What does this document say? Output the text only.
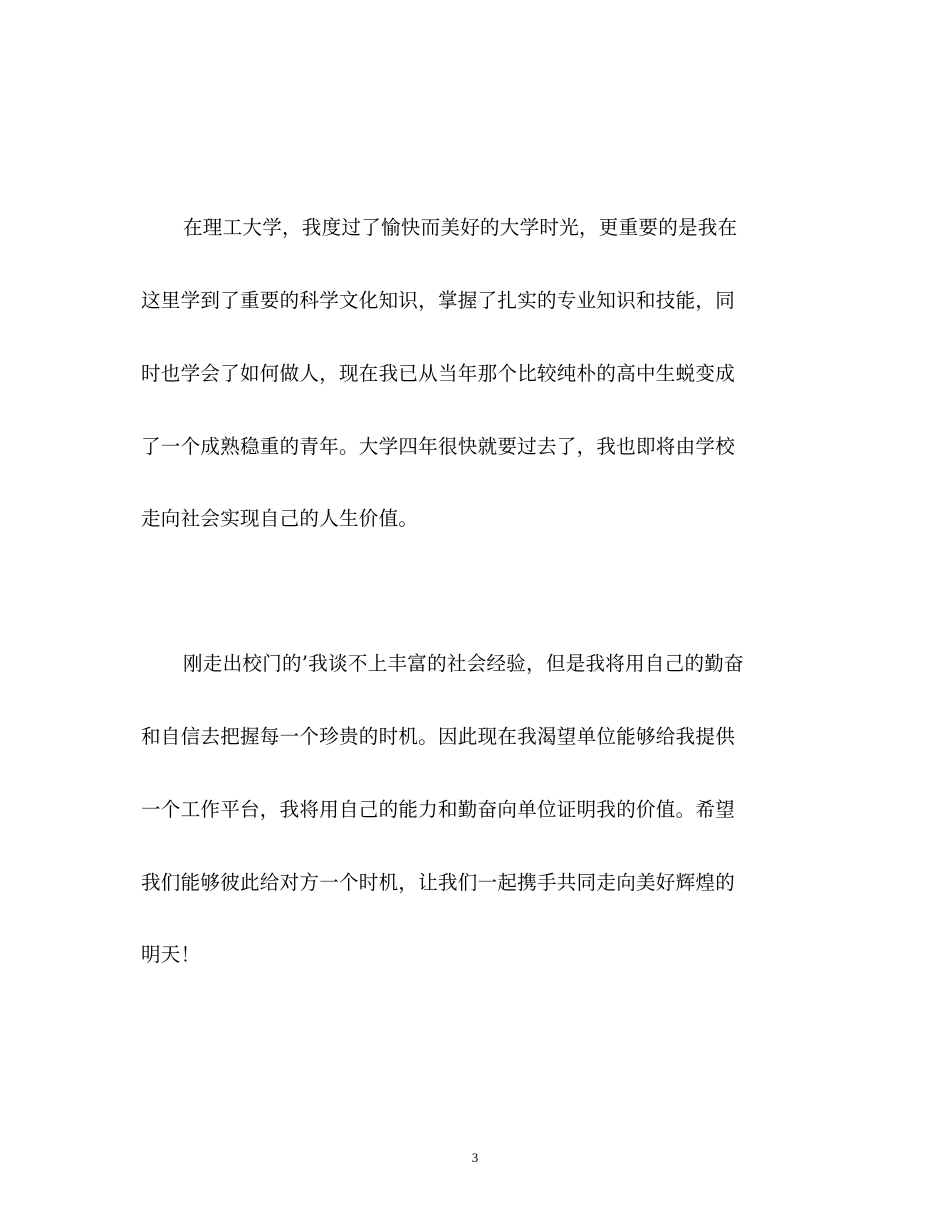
在理工大学，我度过了愉快而美好的大学时光，更重要的是我在
这里学到了重要的科学文化知识，掌握了扎实的专业知识和技能，同
时也学会了如何做人，现在我已从当年那个比较纯朴的高中生蜕变成
了一个成熟稳重的青年。大学四年很快就要过去了，我也即将由学校
走向社会实现自己的人生价值。
刚走出校门的’我谈不上丰富的社会经验，但是我将用自己的勤奋
和自信去把握每一个珍贵的时机。因此现在我渴望单位能够给我提供
一个工作平台，我将用自己的能力和勤奋向单位证明我的价值。希望
我们能够彼此给对方一个时机，让我们一起携手共同走向美好辉煌的
明天！
3
